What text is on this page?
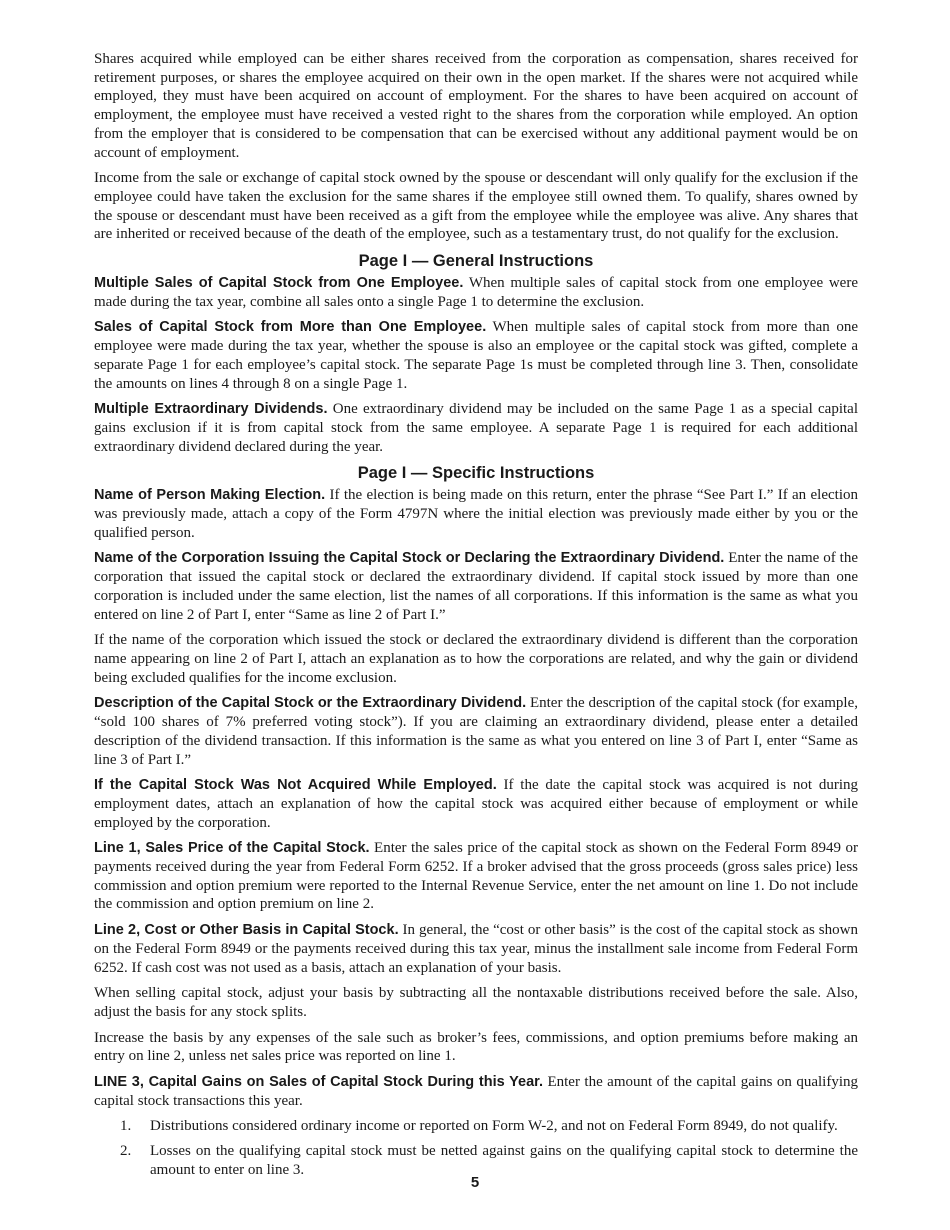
Shares acquired while employed can be either shares received from the corporation as compensation, shares received for retirement purposes, or shares the employee acquired on their own in the open market. If the shares were not acquired while employed, they must have been acquired on account of employment. For the shares to have been acquired on account of employment, the employee must have received a vested right to the shares from the corporation while employed. An option from the employer that is considered to be compensation that can be exercised without any additional payment would be on account of employment.

Income from the sale or exchange of capital stock owned by the spouse or descendant will only qualify for the exclusion if the employee could have taken the exclusion for the same shares if the employee still owned them. To qualify, shares owned by the spouse or descendant must have been received as a gift from the employee while the employee was alive. Any shares that are inherited or received because of the death of the employee, such as a testamentary trust, do not qualify for the exclusion.

Page I — General Instructions

Multiple Sales of Capital Stock from One Employee. When multiple sales of capital stock from one employee were made during the tax year, combine all sales onto a single Page 1 to determine the exclusion.

Sales of Capital Stock from More than One Employee. When multiple sales of capital stock from more than one employee were made during the tax year, whether the spouse is also an employee or the capital stock was gifted, complete a separate Page 1 for each employee’s capital stock. The separate Page 1s must be completed through line 3. Then, consolidate the amounts on lines 4 through 8 on a single Page 1.

Multiple Extraordinary Dividends. One extraordinary dividend may be included on the same Page 1 as a special capital gains exclusion if it is from capital stock from the same employee. A separate Page 1 is required for each additional extraordinary dividend declared during the year.

Page I — Specific Instructions

Name of Person Making Election. If the election is being made on this return, enter the phrase “See Part I.” If an election was previously made, attach a copy of the Form 4797N where the initial election was previously made either by you or the qualified person.

Name of the Corporation Issuing the Capital Stock or Declaring the Extraordinary Dividend. Enter the name of the corporation that issued the capital stock or declared the extraordinary dividend. If capital stock issued by more than one corporation is included under the same election, list the names of all corporations. If this information is the same as what you entered on line 2 of Part I, enter “Same as line 2 of Part I.”

If the name of the corporation which issued the stock or declared the extraordinary dividend is different than the corporation name appearing on line 2 of Part I, attach an explanation as to how the corporations are related, and why the gain or dividend being excluded qualifies for the income exclusion.

Description of the Capital Stock or the Extraordinary Dividend. Enter the description of the capital stock (for example, “sold 100 shares of 7% preferred voting stock”). If you are claiming an extraordinary dividend, please enter a detailed description of the dividend transaction. If this information is the same as what you entered on line 3 of Part I, enter “Same as line 3 of Part I.”

If the Capital Stock Was Not Acquired While Employed. If the date the capital stock was acquired is not during employment dates, attach an explanation of how the capital stock was acquired either because of employment or while employed by the corporation.

Line 1, Sales Price of the Capital Stock. Enter the sales price of the capital stock as shown on the Federal Form 8949 or payments received during the year from Federal Form 6252. If a broker advised that the gross proceeds (gross sales price) less commission and option premium were reported to the Internal Revenue Service, enter the net amount on line 1. Do not include the commission and option premium on line 2.

Line 2, Cost or Other Basis in Capital Stock. In general, the “cost or other basis” is the cost of the capital stock as shown on the Federal Form 8949 or the payments received during this tax year, minus the installment sale income from Federal Form 6252. If cash cost was not used as a basis, attach an explanation of your basis.

When selling capital stock, adjust your basis by subtracting all the nontaxable distributions received before the sale. Also, adjust the basis for any stock splits.

Increase the basis by any expenses of the sale such as broker’s fees, commissions, and option premiums before making an entry on line 2, unless net sales price was reported on line 1.

LINE 3, Capital Gains on Sales of Capital Stock During this Year. Enter the amount of the capital gains on qualifying capital stock transactions this year.

1. Distributions considered ordinary income or reported on Form W-2, and not on Federal Form 8949, do not qualify.
2. Losses on the qualifying capital stock must be netted against gains on the qualifying capital stock to determine the amount to enter on line 3.
5
